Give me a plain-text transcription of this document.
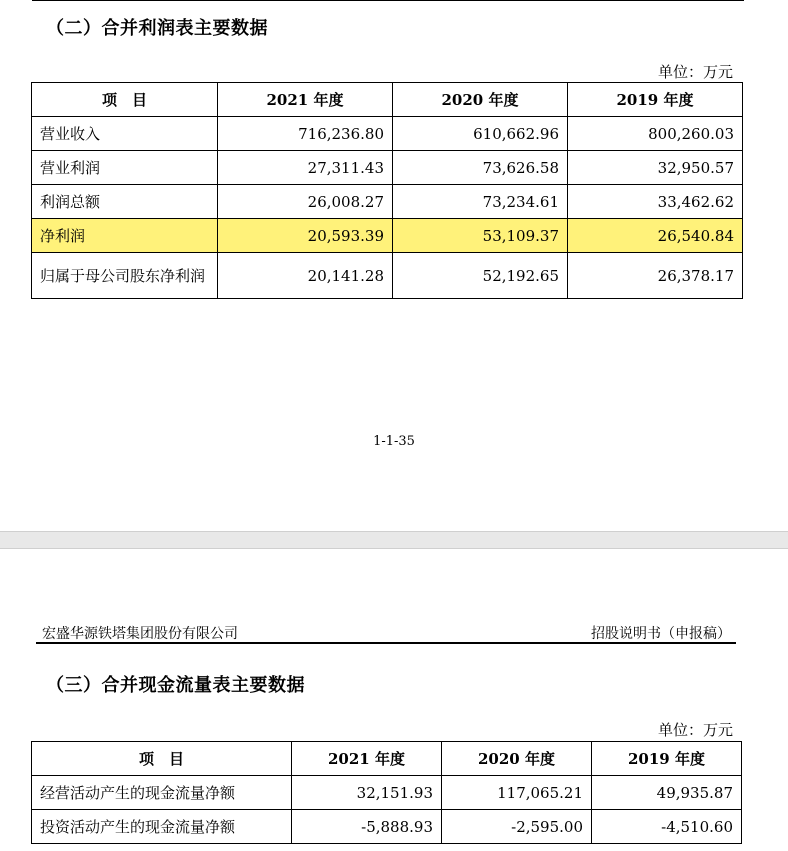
（二）合并利润表主要数据
单位：万元
项　目	2021 年度	2020 年度	2019 年度
营业收入	716,236.80	610,662.96	800,260.03
营业利润	27,311.43	73,626.58	32,950.57
利润总额	26,008.27	73,234.61	33,462.62
净利润	20,593.39	53,109.37	26,540.84
归属于母公司股东净利润	20,141.28	52,192.65	26,378.17
1-1-35
宏盛华源铁塔集团股份有限公司	招股说明书（申报稿）
（三）合并现金流量表主要数据
单位：万元
项　目	2021 年度	2020 年度	2019 年度
经营活动产生的现金流量净额	32,151.93	117,065.21	49,935.87
投资活动产生的现金流量净额	-5,888.93	-2,595.00	-4,510.60
